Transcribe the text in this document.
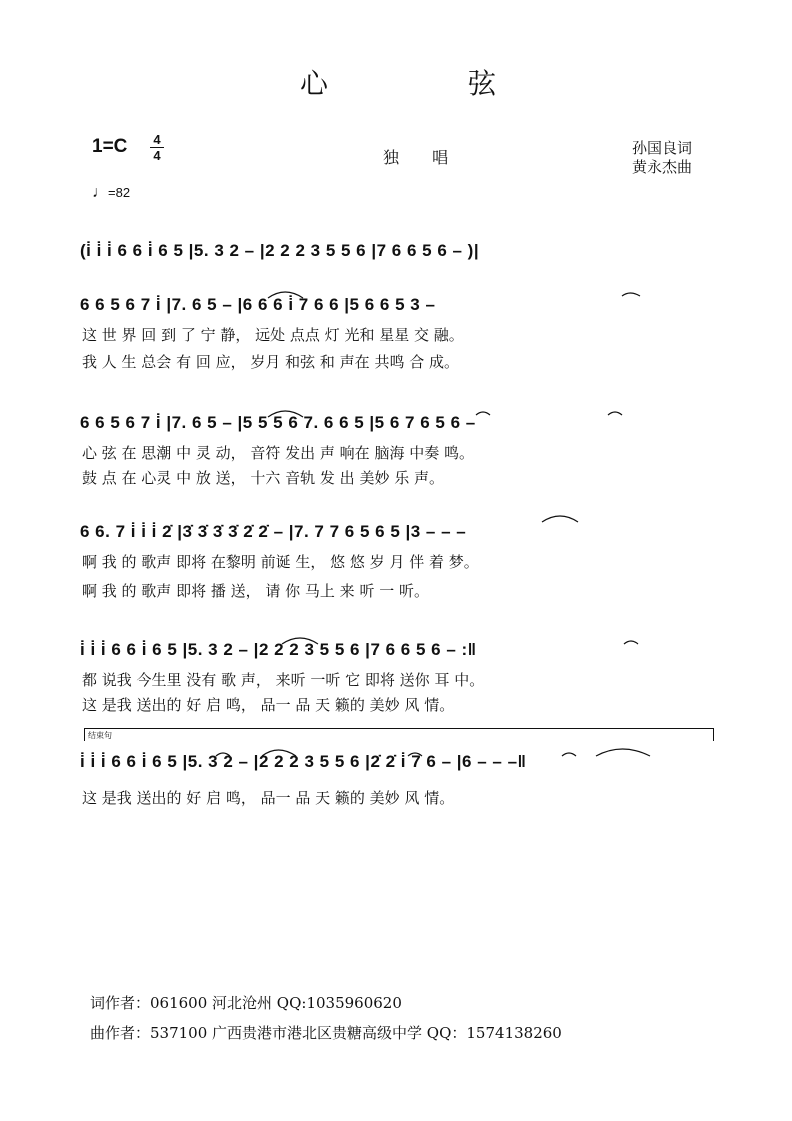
心	弦
1=C 4
4	独 唱	孙国良词
黄永杰曲
♩=82
(i̇ i̇ i̇ 6 6 i̇ 6 5 |5. 3 2 – |2 2 2 3 5 5 6 |7 6 6 5 6 – )|
6 6 5 6 7 i̇ |7. 6 5 – |6 6 6 i̇ 7 6 6 |5 6 6 5 3 –
这 世 界 回 到 了 宁 静， 远处 点点 灯 光和 星星 交 融。
我 人 生 总会 有 回 应， 岁月 和弦 和 声在 共鸣 合 成。
6 6 5 6 7 i̇ |7. 6 5 – |5 5 5 6 7. 6 6 5 |5 6 7 6 5 6 –
心 弦 在 思潮 中 灵 动， 音符 发出 声 响在 脑海 中奏 鸣。
鼓 点 在 心灵 中 放 送， 十六 音轨 发 出 美妙 乐 声。
6 6. 7 i̇ i̇ i̇ 2̇ |3̇ 3̇ 3̇ 3̇ 2̇ 2̇ – |7. 7 7 6 5 6 5 |3 – – –
啊 我 的 歌声 即将 在黎明 前诞 生， 悠 悠 岁 月 伴 着 梦。
啊 我 的 歌声 即将 播 送， 请 你 马上 来 听 一 听。
i̇ i̇ i̇ 6 6 i̇ 6 5 |5. 3 2 – |2 2 2 3 5 5 6 |7 6 6 5 6 – :‖
都 说我 今生里 没有 歌 声， 来听 一听 它 即将 送你 耳 中。
这 是我 送出的 好 启 鸣， 品一 品 天 籁的 美妙 风 情。
结束句
i̇ i̇ i̇ 6 6 i̇ 6 5 |5. 3 2 – |2 2 2 3 5 5 6 |2̇ 2̇ i̇ 7 6 – |6 – – –‖
这 是我 送出的 好 启 鸣， 品一 品 天 籁的 美妙 风 情。
词作者：061600 河北沧州 QQ:1035960620
曲作者：537100 广西贵港市港北区贵糖高级中学 QQ：1574138260
